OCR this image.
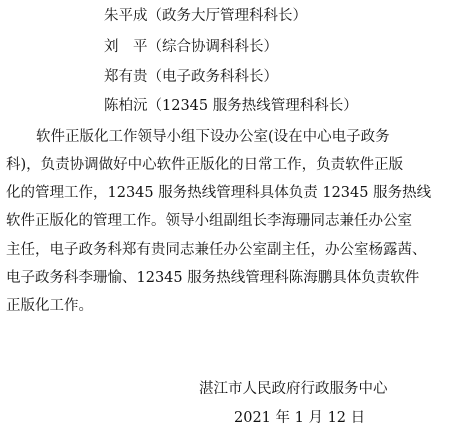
朱平成（政务大厅管理科科长）
刘　平（综合协调科科长）
郑有贵（电子政务科科长）
陈柏沅（12345 服务热线管理科科长）
软件正版化工作领导小组下设办公室(设在中心电子政务
科)，负责协调做好中心软件正版化的日常工作，负责软件正版
化的管理工作，12345 服务热线管理科具体负责 12345 服务热线
软件正版化的管理工作。领导小组副组长李海珊同志兼任办公室
主任，电子政务科郑有贵同志兼任办公室副主任，办公室杨露茜、
电子政务科李珊愉、12345 服务热线管理科陈海鹏具体负责软件
正版化工作。
湛江市人民政府行政服务中心
2021 年 1 月 12 日
